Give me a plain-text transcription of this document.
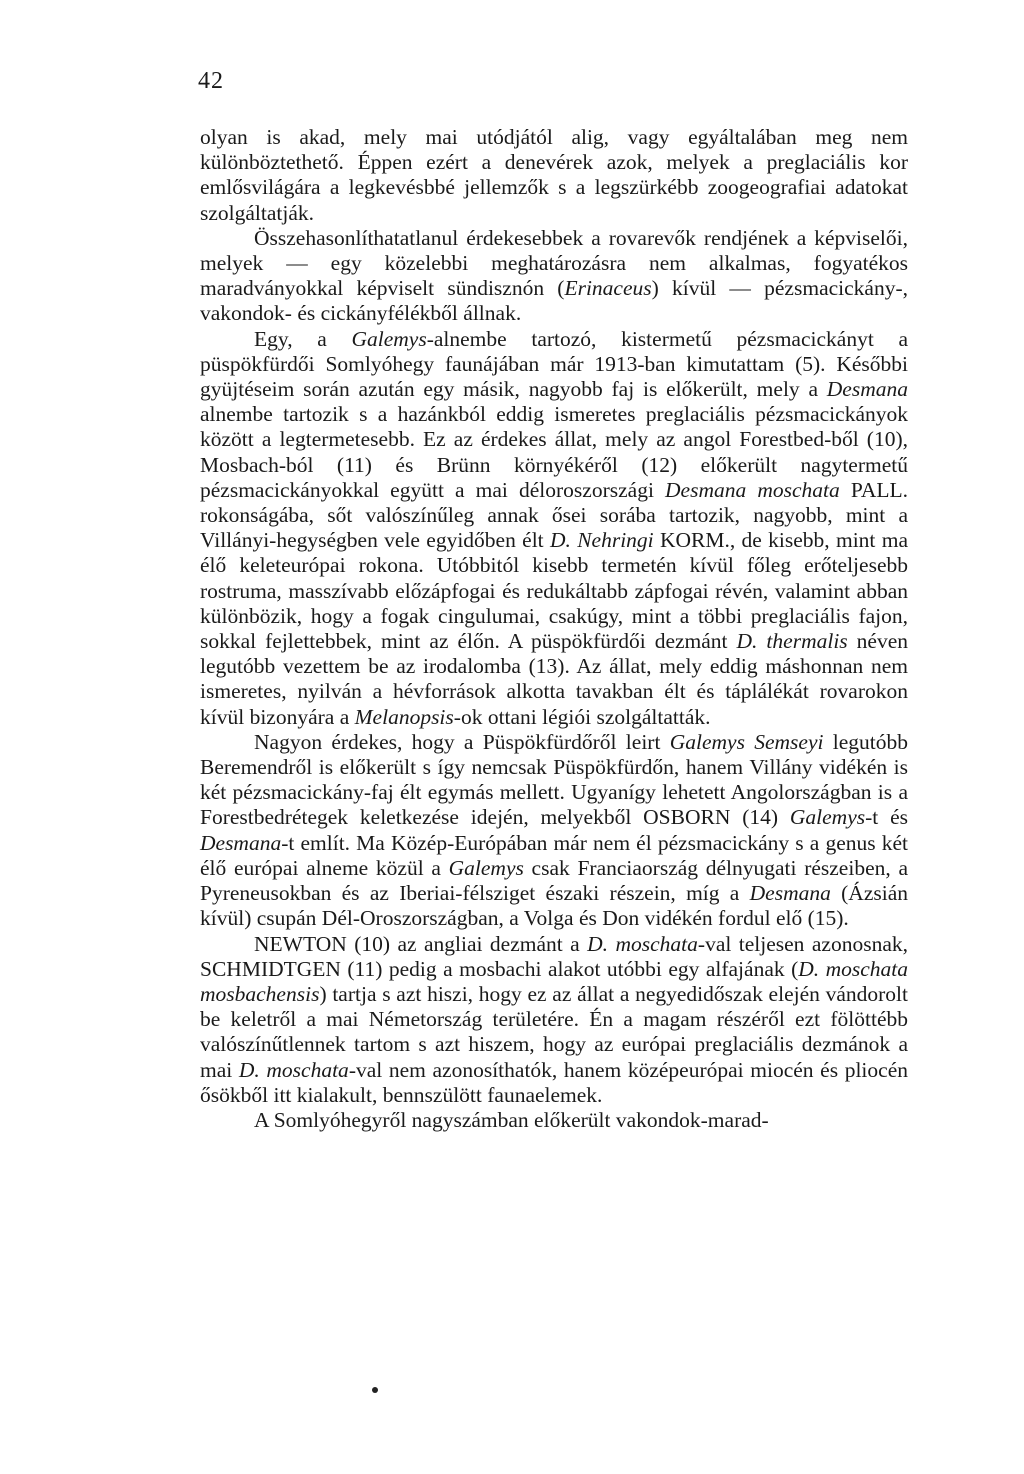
42

olyan is akad, mely mai utódjától alig, vagy egyáltalában meg nem különböztethető. Éppen ezért a denevérek azok, melyek a preglaciális kor emlősvilágára a legkevésbbé jellemzők s a legszürkébb zoogeografiai adatokat szolgáltatják.

Összehasonlíthatatlanul érdekesebbek a rovarevők rendjének a képviselői, melyek — egy közelebbi meghatározásra nem alkalmas, fogyatékos maradványokkal képviselt sündisznón (Erinaceus) kívül — pézsmacickány-, vakondok- és cickányfélékből állnak.

Egy, a Galemys-alnembe tartozó, kistermetű pézsmacickányt a püspökfürdői Somlyóhegy faunájában már 1913-ban kimutattam (5). Későbbi gyüjtéseim során azután egy másik, nagyobb faj is előkerült, mely a Desmana alnembe tartozik s a hazánkból eddig ismeretes preglaciális pézsmacickányok között a legtermetesebb. Ez az érdekes állat, mely az angol Forestbed-ből (10), Mosbach-ból (11) és Brünn környékéről (12) előkerült nagytermetű pézsmacickányokkal együtt a mai déloroszországi Desmana moschata PALL. rokonságába, sőt valószínűleg annak ősei sorába tartozik, nagyobb, mint a Villányi-hegységben vele egyidőben élt D. Nehringi KORM., de kisebb, mint ma élő keleteurópai rokona. Utóbbitól kisebb termetén kívül főleg erőteljesebb rostruma, masszívabb előzápfogai és redukáltabb zápfogai révén, valamint abban különbözik, hogy a fogak cingulumai, csakúgy, mint a többi preglaciális fajon, sokkal fejlettebbek, mint az élőn. A püspökfürdői dezmánt D. thermalis néven legutóbb vezettem be az irodalomba (13). Az állat, mely eddig máshonnan nem ismeretes, nyilván a hévforrások alkotta tavakban élt és táplálékát rovarokon kívül bizonyára a Melanopsis-ok ottani légiói szolgáltatták.

Nagyon érdekes, hogy a Püspökfürdőről leirt Galemys Semseyi legutóbb Beremendről is előkerült s így nemcsak Püspökfürdőn, hanem Villány vidékén is két pézsmacickány-faj élt egymás mellett. Ugyanígy lehetett Angolországban is a Forestbedrétegek keletkezése idején, melyekből OSBORN (14) Galemys-t és Desmana-t említ. Ma Közép-Európában már nem él pézsmacickány s a genus két élő európai alneme közül a Galemys csak Franciaország délnyugati részeiben, a Pyreneusokban és az Iberiai-félsziget északi részein, míg a Desmana (Ázsián kívül) csupán Dél-Oroszországban, a Volga és Don vidékén fordul elő (15).

NEWTON (10) az angliai dezmánt a D. moschata-val teljesen azonosnak, SCHMIDTGEN (11) pedig a mosbachi alakot utóbbi egy alfajának (D. moschata mosbachensis) tartja s azt hiszi, hogy ez az állat a negyedidőszak elején vándorolt be keletről a mai Németország területére. Én a magam részéről ezt fölöttébb valószínűtlennek tartom s azt hiszem, hogy az európai preglaciális dezmánok a mai D. moschata-val nem azonosíthatók, hanem középeurópai miocén és pliocén ősökből itt kialakult, bennszülött faunaelemek.

A Somlyóhegyről nagyszámban előkerült vakondok-marad-
